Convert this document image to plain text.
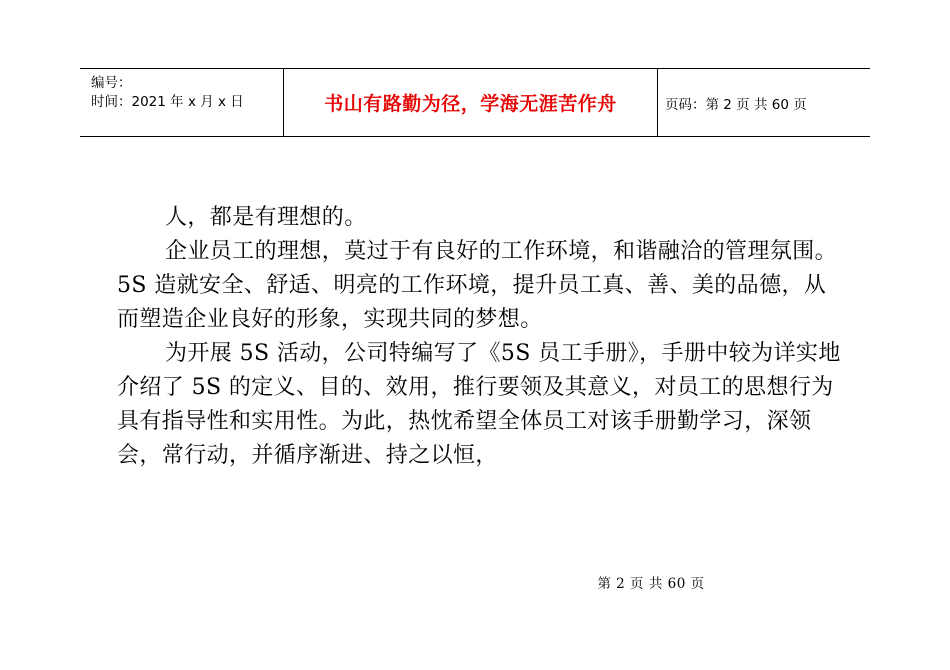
编号：
时间：2021 年 x 月 x 日	书山有路勤为径，学海无涯苦作舟	页码：第 2 页 共 60 页

人，都是有理想的。

企业员工的理想，莫过于有良好的工作环境，和谐融洽的管理氛围。5S 造就安全、舒适、明亮的工作环境，提升员工真、善、美的品德，从而塑造企业良好的形象，实现共同的梦想。

为开展 5S 活动，公司特编写了《5S 员工手册》，手册中较为详实地介绍了 5S 的定义、目的、效用，推行要领及其意义，对员工的思想行为具有指导性和实用性。为此，热忱希望全体员工对该手册勤学习，深领会，常行动，并循序渐进、持之以恒，

第 2 页 共 60 页
